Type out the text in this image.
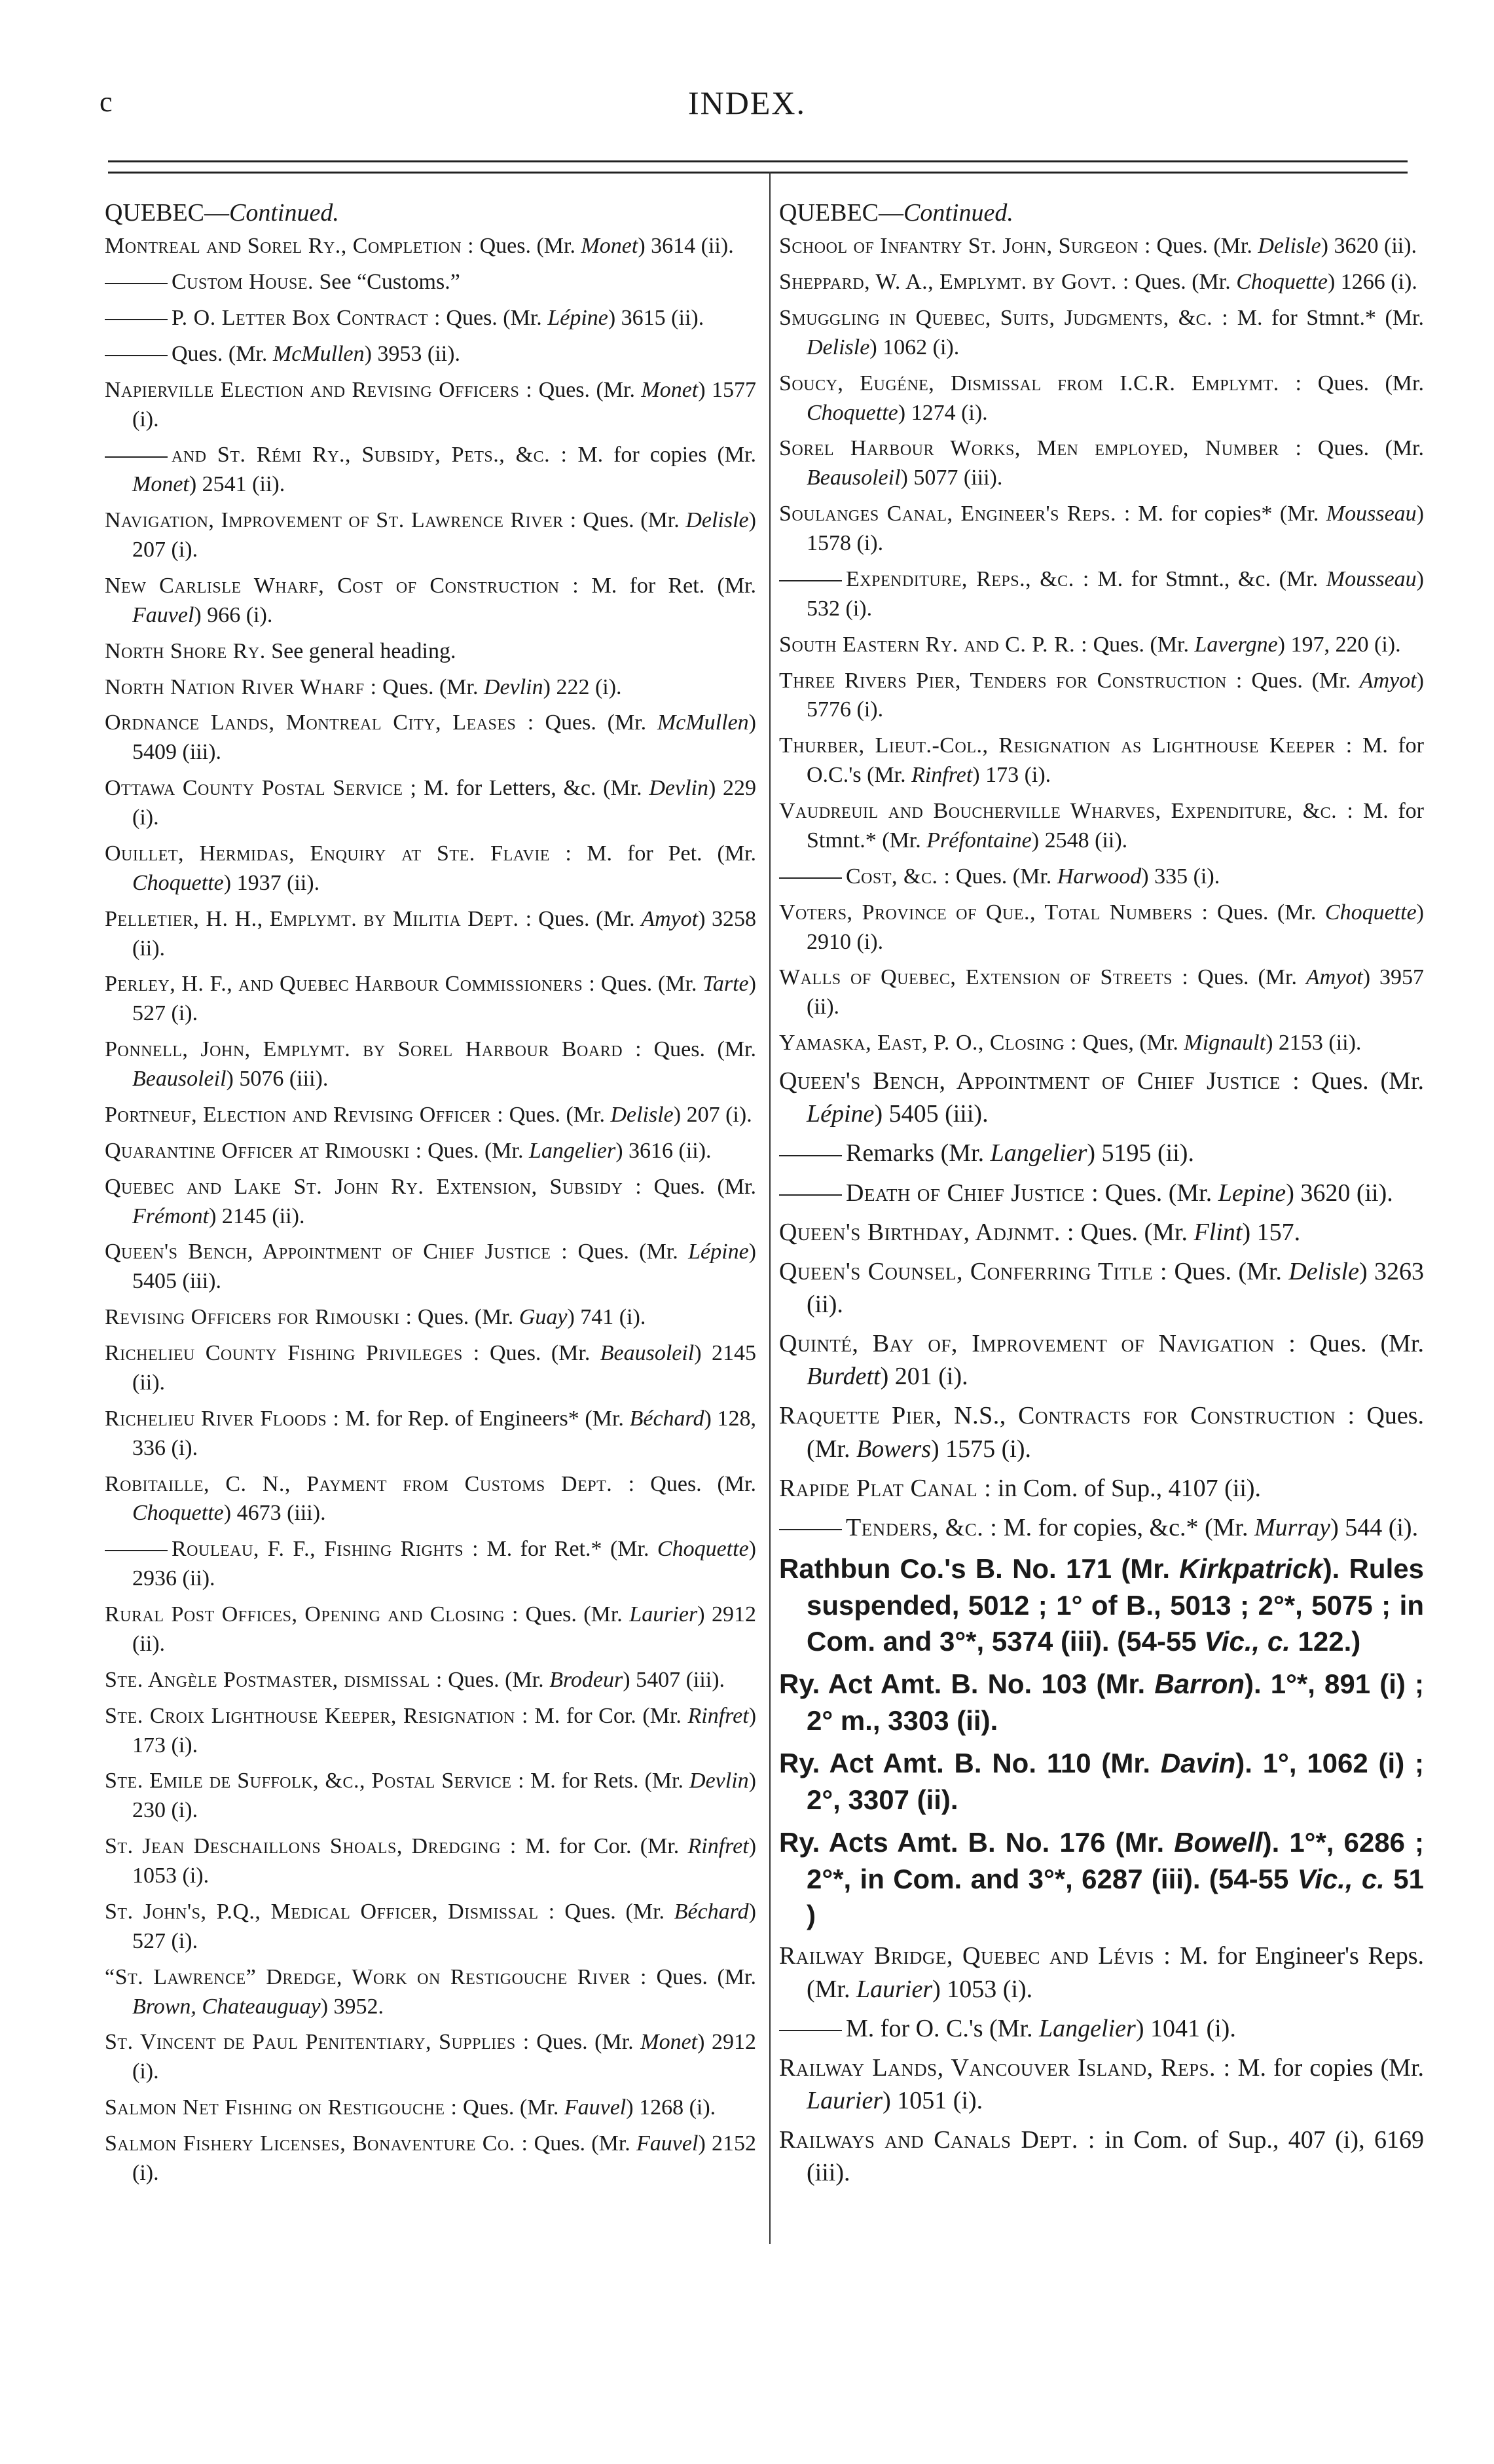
c	INDEX.
QUEBEC—Continued.

Montreal and Sorel Ry., Completion : Ques. (Mr. Monet) 3614 (ii).

Custom House. See “Customs.”

P. O. Letter Box Contract : Ques. (Mr. Lépine) 3615 (ii).

Ques. (Mr. McMullen) 3953 (ii).

Napierville Election and Revising Officers : Ques. (Mr. Monet) 1577 (i).

and St. Rémi Ry., Subsidy, Pets., &c. : M. for copies (Mr. Monet) 2541 (ii).

Navigation, Improvement of St. Lawrence River : Ques. (Mr. Delisle) 207 (i).

New Carlisle Wharf, Cost of Construction : M. for Ret. (Mr. Fauvel) 966 (i).

North Shore Ry. See general heading.

North Nation River Wharf : Ques. (Mr. Devlin) 222 (i).

Ordnance Lands, Montreal City, Leases : Ques. (Mr. McMullen) 5409 (iii).

Ottawa County Postal Service ; M. for Letters, &c. (Mr. Devlin) 229 (i).

Ouillet, Hermidas, Enquiry at Ste. Flavie : M. for Pet. (Mr. Choquette) 1937 (ii).

Pelletier, H. H., Emplymt. by Militia Dept. : Ques. (Mr. Amyot) 3258 (ii).

Perley, H. F., and Quebec Harbour Commissioners : Ques. (Mr. Tarte) 527 (i).

Ponnell, John, Emplymt. by Sorel Harbour Board : Ques. (Mr. Beausoleil) 5076 (iii).

Portneuf, Election and Revising Officer : Ques. (Mr. Delisle) 207 (i).

Quarantine Officer at Rimouski : Ques. (Mr. Langelier) 3616 (ii).

Quebec and Lake St. John Ry. Extension, Subsidy : Ques. (Mr. Frémont) 2145 (ii).

Queen's Bench, Appointment of Chief Justice : Ques. (Mr. Lépine) 5405 (iii).

Revising Officers for Rimouski : Ques. (Mr. Guay) 741 (i).

Richelieu County Fishing Privileges : Ques. (Mr. Beausoleil) 2145 (ii).

Richelieu River Floods : M. for Rep. of Engineers* (Mr. Béchard) 128, 336 (i).

Robitaille, C. N., Payment from Customs Dept. : Ques. (Mr. Choquette) 4673 (iii).

Rouleau, F. F., Fishing Rights : M. for Ret.* (Mr. Choquette) 2936 (ii).

Rural Post Offices, Opening and Closing : Ques. (Mr. Laurier) 2912 (ii).

Ste. Angèle Postmaster, dismissal : Ques. (Mr. Brodeur) 5407 (iii).

Ste. Croix Lighthouse Keeper, Resignation : M. for Cor. (Mr. Rinfret) 173 (i).

Ste. Emile de Suffolk, &c., Postal Service : M. for Rets. (Mr. Devlin) 230 (i).

St. Jean Deschaillons Shoals, Dredging : M. for Cor. (Mr. Rinfret) 1053 (i).

St. John's, P.Q., Medical Officer, Dismissal : Ques. (Mr. Béchard) 527 (i).

“St. Lawrence” Dredge, Work on Restigouche River : Ques. (Mr. Brown, Chateauguay) 3952.

St. Vincent de Paul Penitentiary, Supplies : Ques. (Mr. Monet) 2912 (i).

Salmon Net Fishing on Restigouche : Ques. (Mr. Fauvel) 1268 (i).

Salmon Fishery Licenses, Bonaventure Co. : Ques. (Mr. Fauvel) 2152 (i).

QUEBEC—Continued.

School of Infantry St. John, Surgeon : Ques. (Mr. Delisle) 3620 (ii).

Sheppard, W. A., Emplymt. by Govt. : Ques. (Mr. Choquette) 1266 (i).

Smuggling in Quebec, Suits, Judgments, &c. : M. for Stmnt.* (Mr. Delisle) 1062 (i).

Soucy, Eugéne, Dismissal from I.C.R. Emplymt. : Ques. (Mr. Choquette) 1274 (i).

Sorel Harbour Works, Men employed, Number : Ques. (Mr. Beausoleil) 5077 (iii).

Soulanges Canal, Engineer's Reps. : M. for copies* (Mr. Mousseau) 1578 (i).

Expenditure, Reps., &c. : M. for Stmnt., &c. (Mr. Mousseau) 532 (i).

South Eastern Ry. and C. P. R. : Ques. (Mr. Lavergne) 197, 220 (i).

Three Rivers Pier, Tenders for Construction : Ques. (Mr. Amyot) 5776 (i).

Thurber, Lieut.-Col., Resignation as Lighthouse Keeper : M. for O.C.'s (Mr. Rinfret) 173 (i).

Vaudreuil and Boucherville Wharves, Expenditure, &c. : M. for Stmnt.* (Mr. Préfontaine) 2548 (ii).

Cost, &c. : Ques. (Mr. Harwood) 335 (i).

Voters, Province of Que., Total Numbers : Ques. (Mr. Choquette) 2910 (i).

Walls of Quebec, Extension of Streets : Ques. (Mr. Amyot) 3957 (ii).

Yamaska, East, P. O., Closing : Ques, (Mr. Mignault) 2153 (ii).

Queen's Bench, Appointment of Chief Justice : Ques. (Mr. Lépine) 5405 (iii).

Remarks (Mr. Langelier) 5195 (ii).

Death of Chief Justice : Ques. (Mr. Lepine) 3620 (ii).

Queen's Birthday, Adjnmt. : Ques. (Mr. Flint) 157.

Queen's Counsel, Conferring Title : Ques. (Mr. Delisle) 3263 (ii).

Quinté, Bay of, Improvement of Navigation : Ques. (Mr. Burdett) 201 (i).

Raquette Pier, N.S., Contracts for Construction : Ques. (Mr. Bowers) 1575 (i).

Rapide Plat Canal : in Com. of Sup., 4107 (ii).

Tenders, &c. : M. for copies, &c.* (Mr. Murray) 544 (i).

Rathbun Co.'s B. No. 171 (Mr. Kirkpatrick). Rules suspended, 5012 ; 1° of B., 5013 ; 2°*, 5075 ; in Com. and 3°*, 5374 (iii). (54-55 Vic., c. 122.)

Ry. Act Amt. B. No. 103 (Mr. Barron). 1°*, 891 (i) ; 2° m., 3303 (ii).

Ry. Act Amt. B. No. 110 (Mr. Davin). 1°, 1062 (i) ; 2°, 3307 (ii).

Ry. Acts Amt. B. No. 176 (Mr. Bowell). 1°*, 6286 ; 2°*, in Com. and 3°*, 6287 (iii). (54-55 Vic., c. 51 )

Railway Bridge, Quebec and Lévis : M. for Engineer's Reps. (Mr. Laurier) 1053 (i).

M. for O. C.'s (Mr. Langelier) 1041 (i).

Railway Lands, Vancouver Island, Reps. : M. for copies (Mr. Laurier) 1051 (i).

Railways and Canals Dept. : in Com. of Sup., 407 (i), 6169 (iii).
